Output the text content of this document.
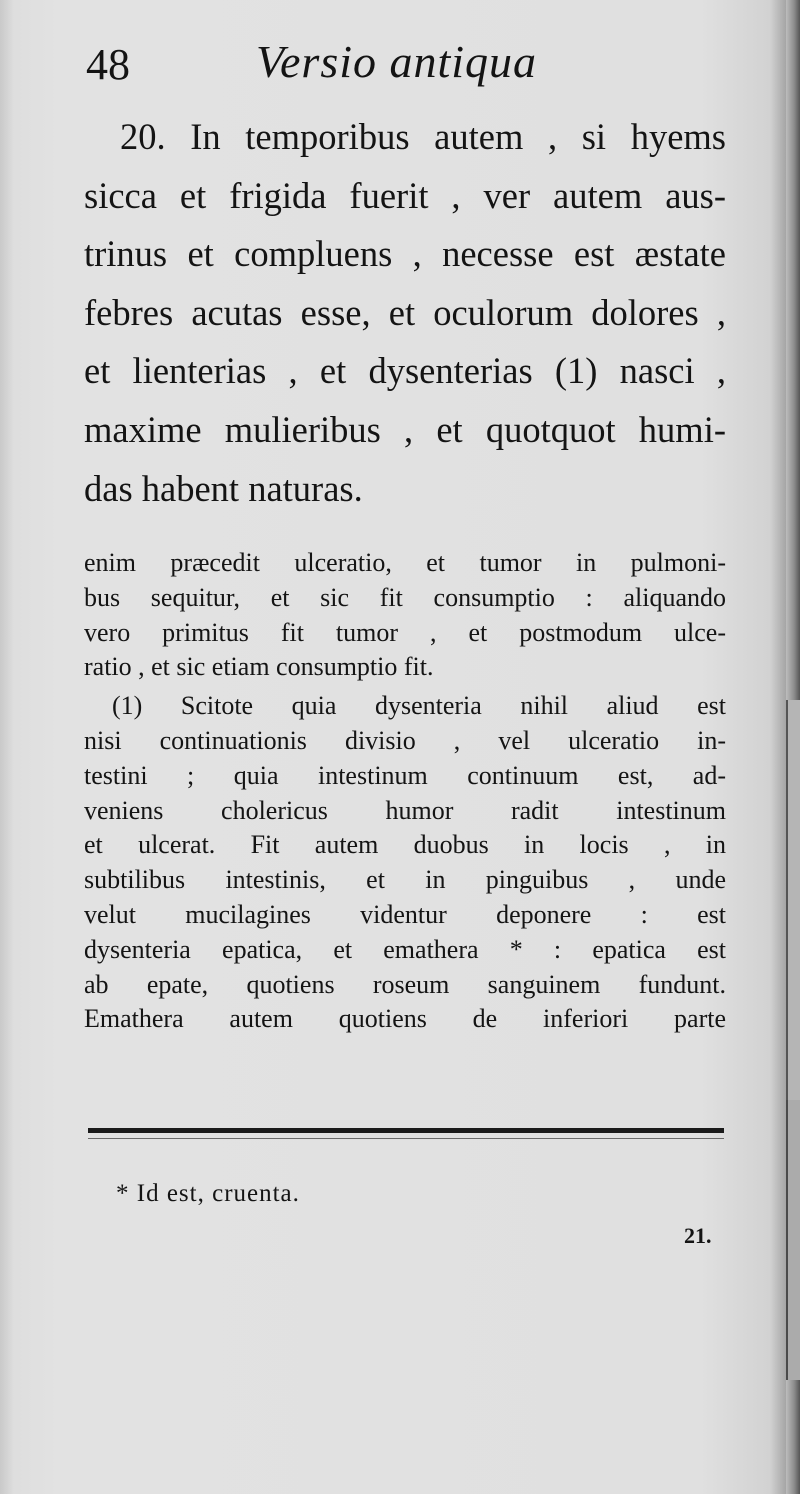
48	Versio antiqua
20. In temporibus autem , si hyems
sicca et frigida fuerit , ver autem aus-
trinus et compluens , necesse est æstate
febres acutas esse, et oculorum dolores ,
et lienterias , et dysenterias (1) nasci ,
maxime mulieribus , et quotquot humi-
das habent naturas.
enim præcedit ulceratio, et tumor in pulmoni-
bus sequitur, et sic fit consumptio : aliquando
vero primitus fit tumor , et postmodum ulce-
ratio , et sic etiam consumptio fit.
(1) Scitote quia dysenteria nihil aliud est
nisi continuationis divisio , vel ulceratio in-
testini ; quia intestinum continuum est, ad-
veniens cholericus humor radit intestinum
et ulcerat. Fit autem duobus in locis , in
subtilibus intestinis, et in pinguibus , unde
velut mucilagines videntur deponere : est
dysenteria epatica, et emathera * : epatica est
ab epate, quotiens roseum sanguinem fundunt.
Emathera autem quotiens de inferiori parte
* Id est, cruenta.
21.
